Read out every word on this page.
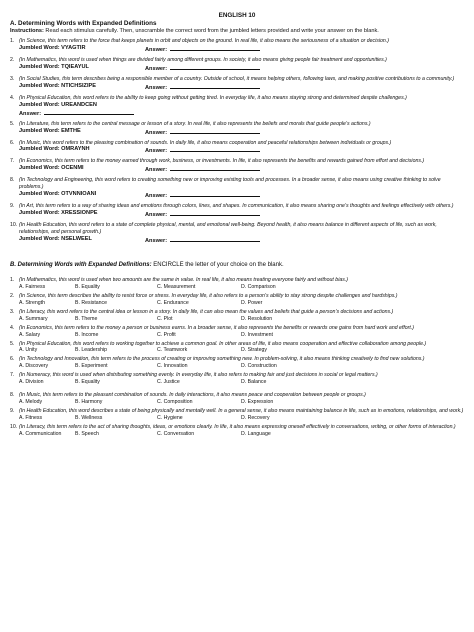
ENGLISH 10

A. Determining Words with Expanded Definitions

Instructions: Read each stimulus carefully. Then, unscramble the correct word from the jumbled letters provided and write your answer on the blank.

1. (In Science, this term refers to the force that keeps planets in orbit and objects on the ground. In real life, it also means the seriousness of a situation or decision.)
Jumbled Word: VYAGTIR	Answer:
2. (In Mathematics, this word is used when things are divided fairly among different groups. In society, it also means giving people fair treatment and opportunities.)
Jumbled Word: TQIEAYUL	Answer:
3. (In Social Studies, this term describes being a responsible member of a country. Outside of school, it means helping others, following laws, and making positive contributions to a community.)
Jumbled Word: NTICHSIZIPE	Answer:
4. (In Physical Education, this word refers to the ability to keep going without getting tired. In everyday life, it also means staying strong and determined despite challenges.)
Jumbled Word: UREANDCEN
Answer:
5. (In Literature, this term refers to the central message or lesson of a story. In real life, it also represents the beliefs and morals that guide people’s actions.)
Jumbled Word: EMTHE	Answer:
6. (In Music, this word refers to the pleasing combination of sounds. In daily life, it also means cooperation and peaceful relationships between individuals or groups.)
Jumbled Word: OMRAYNH	Answer:
7. (In Economics, this term refers to the money earned through work, business, or investments. In life, it also represents the benefits and rewards gained from effort and decisions.)
Jumbled Word: OCENMI	Answer:
8. (In Technology and Engineering, this word refers to creating something new or improving existing tools and processes. In a broader sense, it also means using creative thinking to solve problems.)
Jumbled Word: OTVNNIOANI	Answer:
9. (In Art, this term refers to a way of sharing ideas and emotions through colors, lines, and shapes. In communication, it also means sharing one’s thoughts and feelings effectively with others.)
Jumbled Word: XRESSIONPE	Answer:
10. (In Health Education, this word refers to a state of complete physical, mental, and emotional well-being. Beyond health, it also means balance in different aspects of life, such as work, relationships, and personal growth.)
Jumbled Word: NSELWEEL	Answer:

B. Determining Words with Expanded Definitions: ENCIRCLE the letter of your choice on the blank.

1. (In Mathematics, this word is used when two amounts are the same in value. In real life, it also means treating everyone fairly and without bias.)
A. Fairness	B. Equality	C. Measurement	D. Comparison
2. (In Science, this term describes the ability to resist force or stress. In everyday life, it also refers to a person’s ability to stay strong despite challenges and hardships.)
A. Strength	B. Resistance	C. Endurance	D. Power
3. (In Literacy, this word refers to the central idea or lesson in a story. In daily life, it can also mean the values and beliefs that guide a person’s decisions and actions.)
A. Summary	B. Theme	C. Plot	D. Resolution
4. (In Economics, this term refers to the money a person or business earns. In a broader sense, it also represents the benefits or rewards one gains from hard work and effort.)
A. Salary	B. Income	C. Profit	D. Investment
5. (In Physical Education, this word refers to working together to achieve a common goal. In other areas of life, it also means cooperation and effective collaboration among people.)
A. Unity	B. Leadership	C. Teamwork	D. Strategy
6. (In Technology and Innovation, this term refers to the process of creating or improving something new. In problem-solving, it also means thinking creatively to find new solutions.)
A. Discovery	B. Experiment	C. Innovation	D. Construction
7. (In Numeracy, this word is used when distributing something evenly. In everyday life, it also refers to making fair and just decisions in social or legal matters.)
A. Division	B. Equality	C. Justice	D. Balance
8. (In Music, this term refers to the pleasant combination of sounds. In daily interactions, it also means peace and cooperation between people or groups.)
A. Melody	B. Harmony	C. Composition	D. Expression
9. (In Health Education, this word describes a state of being physically and mentally well. In a general sense, it also means maintaining balance in life, such as in emotions, relationships, and work.)
A. Fitness	B. Wellness	C. Hygiene	D. Recovery
10. (In Literacy, this term refers to the act of sharing thoughts, ideas, or emotions clearly. In life, it also means expressing oneself effectively in conversations, writing, or other forms of interaction.)
A. Communication	B. Speech	C. Conversation	D. Language
